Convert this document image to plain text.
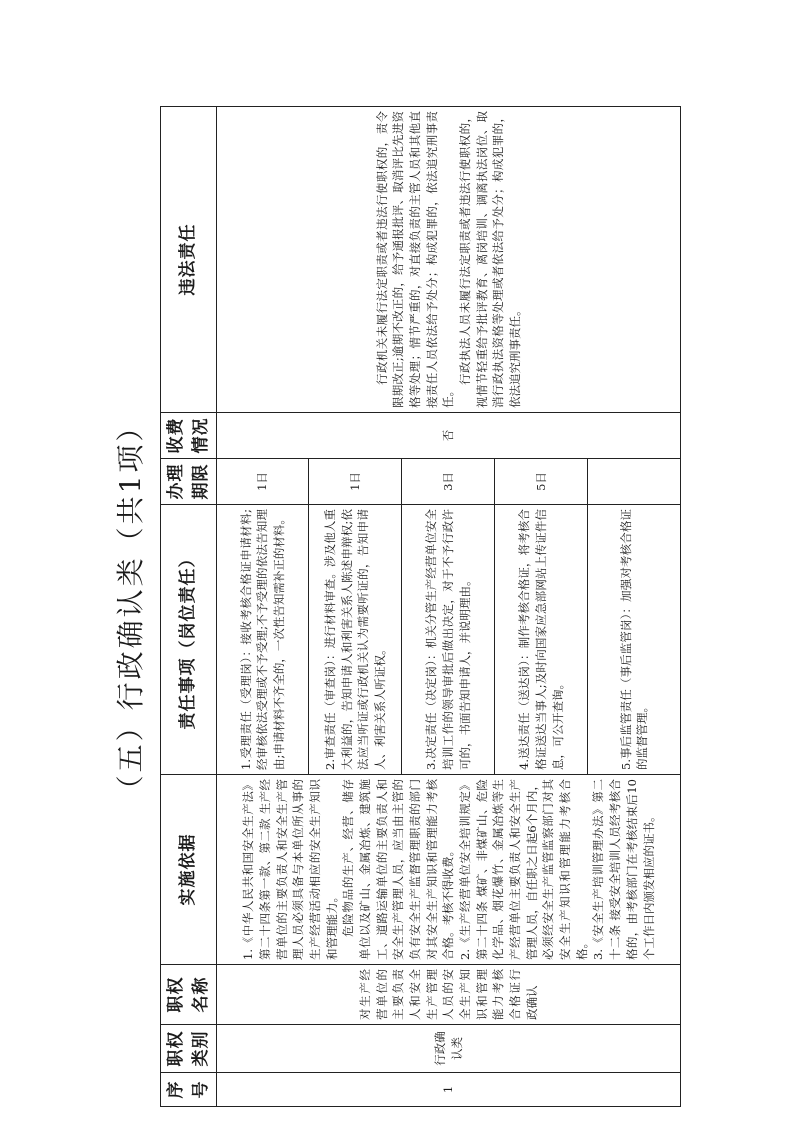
（五）行政确认类（共1项）
序号	职权类别	职权名称	实施依据	责任事项（岗位责任）	办理期限	收费情况	违法责任
1	行政确认类	对生产经营单位的主要负责人和安全生产管理人员的安全生产知识和管理能力考核合格证行政确认	1.《中华人民共和国安全生产法》第二十四条第一款、第二款 生产经营单位的主要负责人和安全生产管理人员必须具备与本单位所从事的生产经营活动相应的安全生产知识和管理能力。 危险物品的生产、经营、储存单位以及矿山、金属冶炼、建筑施工、道路运输单位的主要负责人和安全生产管理人员，应当由主管的负有安全生产监督管理职责的部门对其安全生产知识和管理能力考核合格。考核不得收费。 2.《生产经营单位安全培训规定》第二十四条 煤矿、非煤矿山、危险化学品、烟花爆竹、金属冶炼等生产经营单位主要负责人和安全生产管理人员，自任职之日起6个月内，必须经安全生产监管监察部门对其安全生产知识和管理能力考核合格。 3.《安全生产培训管理办法》第二十二条 接受安全培训人员经考核合格的，由考核部门在考核结束后10个工作日内颁发相应的证书。	1.受理责任（受理岗）：接收考核合格证申请材料;经审核依法受理或不予受理;不予受理的依法告知理由;申请材料不齐全的，一次性告知需补正的材料。	1日	否	行政机关未履行法定职责或者违法行使职权的，责令限期改正;逾期不改正的，给予通报批评、取消评比先进资格等处理；情节严重的，对直接负责的主管人员和其他直接责任人员依法给予处分；构成犯罪的，依法追究刑事责任。
行政执法人员未履行法定职责或者违法行使职权的，视情节轻重给予批评教育、离岗培训、调离执法岗位、取消行政执法资格等处理或者依法给予处分；构成犯罪的，依法追究刑事责任。

				2.审查责任（审查岗）：进行材料审查。涉及他人重大利益的，告知申请人和利害关系人陈述申辩权;依法应当听证或行政机关认为需要听证的，告知申请人、利害关系人听证权。	1日		
				3.决定责任（决定岗）：机关分管生产经营单位安全培训工作的领导审批后做出决定，对于不予行政许可的，书面告知申请人，并说明理由。	3日		
				4.送达责任（送达岗）：制作考核合格证，将考核合格证送达当事人;及时向国家应急部网站上传证件信息，可公开查询。	5日		
				5.事后监管责任（事后监管岗）：加强对考核合格证的监督管理。			
